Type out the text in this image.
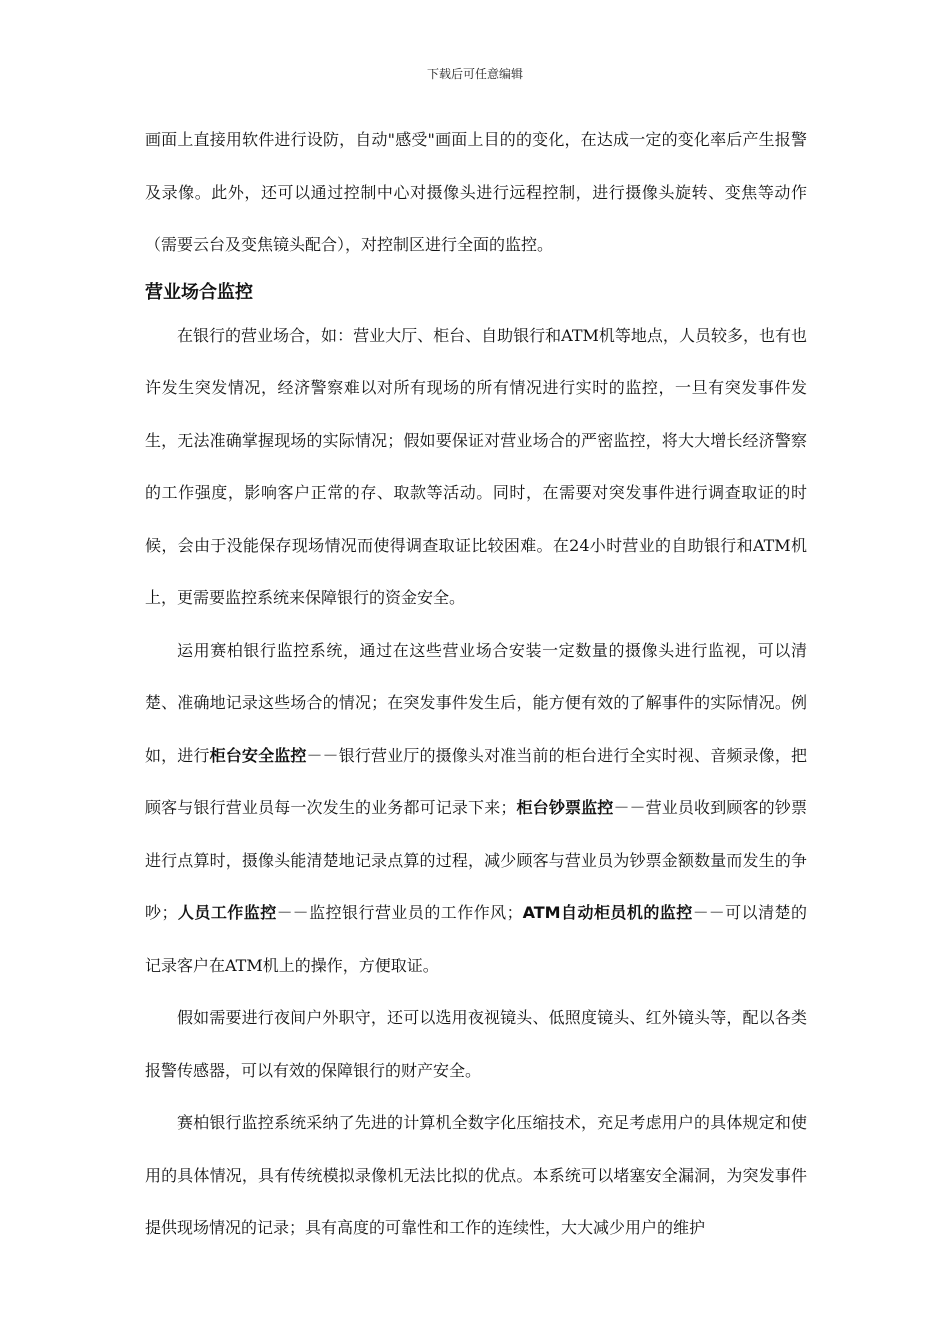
下载后可任意编辑

画面上直接用软件进行设防，自动"感受"画面上目的的变化，在达成一定的变化率后产生报警及录像。此外，还可以通过控制中心对摄像头进行远程控制，进行摄像头旋转、变焦等动作（需要云台及变焦镜头配合），对控制区进行全面的监控。

营业场合监控

在银行的营业场合，如：营业大厅、柜台、自助银行和ATM机等地点，人员较多，也有也许发生突发情况，经济警察难以对所有现场的所有情况进行实时的监控，一旦有突发事件发生，无法准确掌握现场的实际情况；假如要保证对营业场合的严密监控，将大大增长经济警察的工作强度，影响客户正常的存、取款等活动。同时，在需要对突发事件进行调查取证的时候，会由于没能保存现场情况而使得调查取证比较困难。在24小时营业的自助银行和ATM机上，更需要监控系统来保障银行的资金安全。

运用赛柏银行监控系统，通过在这些营业场合安装一定数量的摄像头进行监视，可以清楚、准确地记录这些场合的情况；在突发事件发生后，能方便有效的了解事件的实际情况。例如，进行柜台安全监控－－银行营业厅的摄像头对准当前的柜台进行全实时视、音频录像，把顾客与银行营业员每一次发生的业务都可记录下来；柜台钞票监控－－营业员收到顾客的钞票进行点算时，摄像头能清楚地记录点算的过程，减少顾客与营业员为钞票金额数量而发生的争吵；人员工作监控－－监控银行营业员的工作作风；ATM自动柜员机的监控－－可以清楚的记录客户在ATM机上的操作，方便取证。

假如需要进行夜间户外职守，还可以选用夜视镜头、低照度镜头、红外镜头等，配以各类报警传感器，可以有效的保障银行的财产安全。

赛柏银行监控系统采纳了先进的计算机全数字化压缩技术，充足考虑用户的具体规定和使用的具体情况，具有传统模拟录像机无法比拟的优点。本系统可以堵塞安全漏洞，为突发事件提供现场情况的记录；具有高度的可靠性和工作的连续性，大大减少用户的维护
